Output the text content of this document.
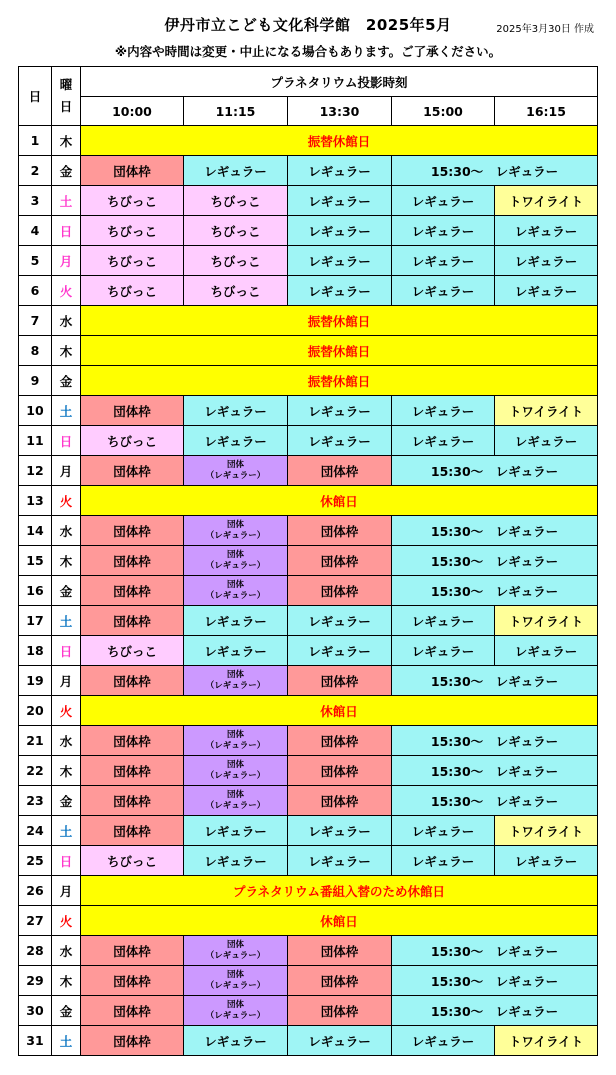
伊丹市立こども文化科学館　2025年5月	2025年3月30日 作成
※内容や時間は変更・中止になる場合もあります。ご了承ください。
日	曜
日	プラネタリウム投影時刻				
		10:00	11:15	13:30	15:00	16:15
1	木	振替休館日				
2	金	団体枠	レギュラー	レギュラー	15:30～　レギュラー	
3	土	ちびっこ	ちびっこ	レギュラー	レギュラー	トワイライト
4	日	ちびっこ	ちびっこ	レギュラー	レギュラー	レギュラー
5	月	ちびっこ	ちびっこ	レギュラー	レギュラー	レギュラー
6	火	ちびっこ	ちびっこ	レギュラー	レギュラー	レギュラー
7	水	振替休館日				
8	木	振替休館日				
9	金	振替休館日				
10	土	団体枠	レギュラー	レギュラー	レギュラー	トワイライト
11	日	ちびっこ	レギュラー	レギュラー	レギュラー	レギュラー
12	月	団体枠	団体
（レギュラー）	団体枠	15:30～　レギュラー	
13	火	休館日				
14	水	団体枠	団体
（レギュラー）	団体枠	15:30～　レギュラー	
15	木	団体枠	団体
（レギュラー）	団体枠	15:30～　レギュラー	
16	金	団体枠	団体
（レギュラー）	団体枠	15:30～　レギュラー	
17	土	団体枠	レギュラー	レギュラー	レギュラー	トワイライト
18	日	ちびっこ	レギュラー	レギュラー	レギュラー	レギュラー
19	月	団体枠	団体
（レギュラー）	団体枠	15:30～　レギュラー	
20	火	休館日				
21	水	団体枠	団体
（レギュラー）	団体枠	15:30～　レギュラー	
22	木	団体枠	団体
（レギュラー）	団体枠	15:30～　レギュラー	
23	金	団体枠	団体
（レギュラー）	団体枠	15:30～　レギュラー	
24	土	団体枠	レギュラー	レギュラー	レギュラー	トワイライト
25	日	ちびっこ	レギュラー	レギュラー	レギュラー	レギュラー
26	月	プラネタリウム番組入替のため休館日				
27	火	休館日				
28	水	団体枠	団体
（レギュラー）	団体枠	15:30～　レギュラー	
29	木	団体枠	団体
（レギュラー）	団体枠	15:30～　レギュラー	
30	金	団体枠	団体
（レギュラー）	団体枠	15:30～　レギュラー	
31	土	団体枠	レギュラー	レギュラー	レギュラー	トワイライト
